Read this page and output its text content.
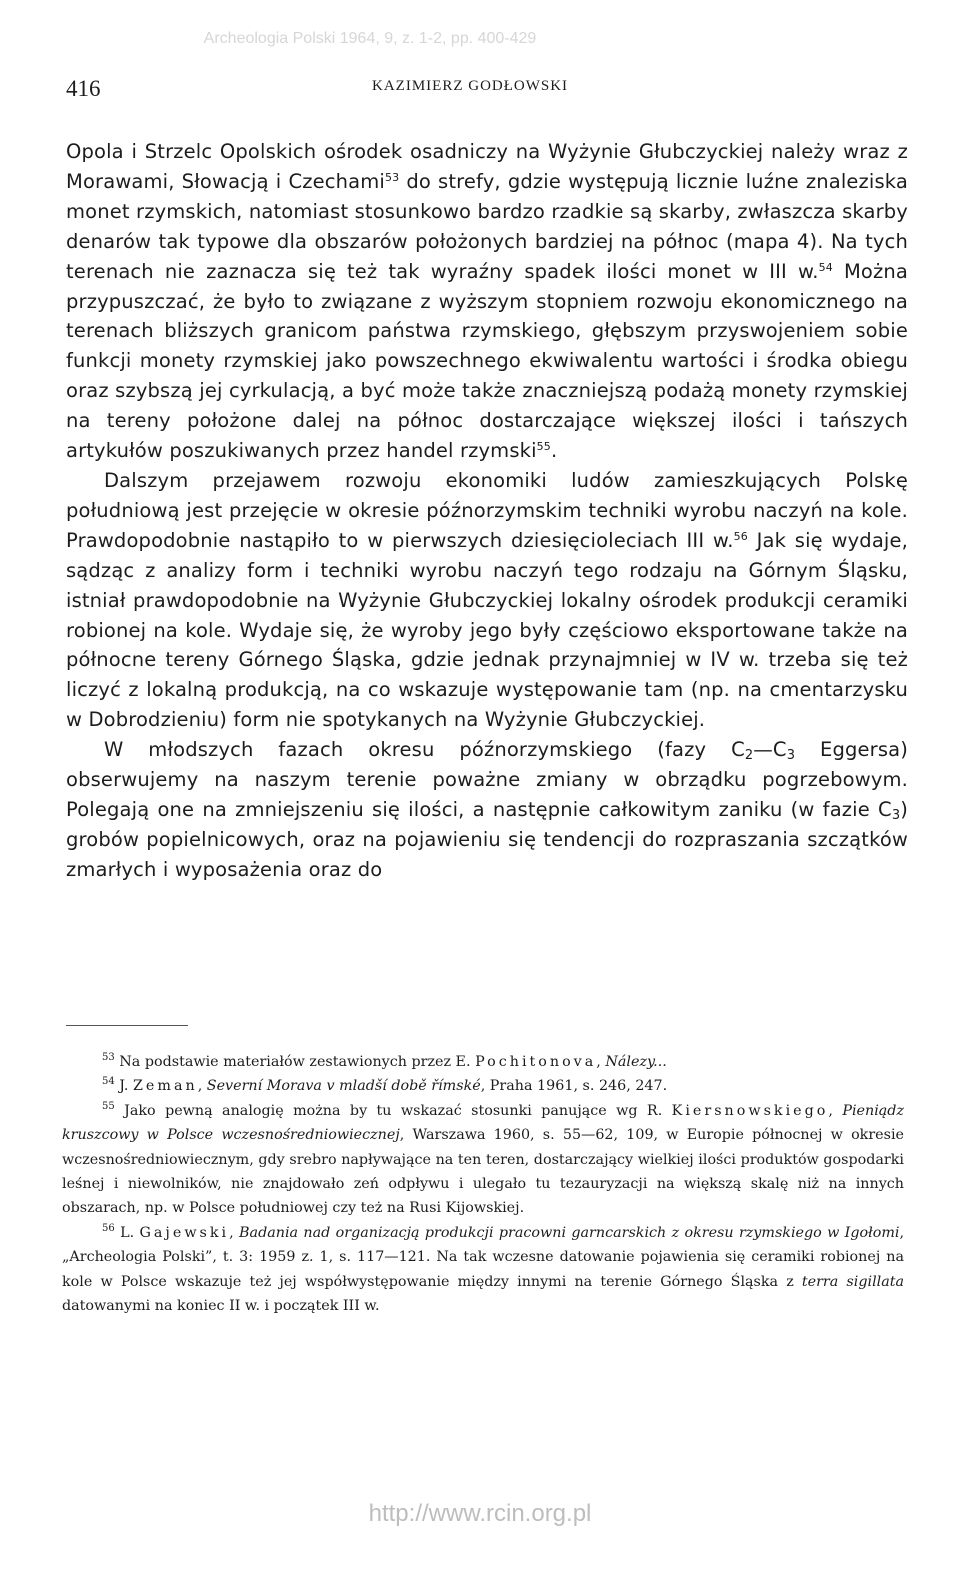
Archeologia Polski 1964, 9, z. 1-2, pp. 400-429
416	KAZIMIERZ GODŁOWSKI

Opola i Strzelc Opolskich ośrodek osadniczy na Wyżynie Głubczyckiej należy wraz z Morawami, Słowacją i Czechami$^{53}$ do strefy, gdzie występują licznie luźne znaleziska monet rzymskich, natomiast stosunkowo bardzo rzadkie są skarby, zwłaszcza skarby denarów tak typowe dla obszarów położonych bardziej na północ (mapa 4). Na tych terenach nie zaznacza się też tak wyraźny spadek ilości monet w III w.$^{54}$ Można przypuszczać, że było to związane z wyższym stopniem rozwoju ekonomicznego na terenach bliższych granicom państwa rzymskiego, głębszym przyswojeniem sobie funkcji monety rzymskiej jako powszechnego ekwiwalentu wartości i środka obiegu oraz szybszą jej cyrkulacją, a być może także znaczniejszą podażą monety rzymskiej na tereny położone dalej na północ dostarczające większej ilości i tańszych artykułów poszukiwanych przez handel rzymski$^{55}$.

Dalszym przejawem rozwoju ekonomiki ludów zamieszkujących Polskę południową jest przejęcie w okresie późnorzymskim techniki wyrobu naczyń na kole. Prawdopodobnie nastąpiło to w pierwszych dziesięcioleciach III w.$^{56}$ Jak się wydaje, sądząc z analizy form i techniki wyrobu naczyń tego rodzaju na Górnym Śląsku, istniał prawdopodobnie na Wyżynie Głubczyckiej lokalny ośrodek produkcji ceramiki robionej na kole. Wydaje się, że wyroby jego były częściowo eksportowane także na północne tereny Górnego Śląska, gdzie jednak przynajmniej w IV w. trzeba się też liczyć z lokalną produkcją, na co wskazuje występowanie tam (np. na cmentarzysku w Dobrodzieniu) form nie spotykanych na Wyżynie Głubczyckiej.

W młodszych fazach okresu późnorzymskiego (fazy $C_2—C_3$ Eggersa) obserwujemy na naszym terenie poważne zmiany w obrządku pogrzebowym. Polegają one na zmniejszeniu się ilości, a następnie całkowitym zaniku (w fazie $C_3$) grobów popielnicowych, oraz na pojawieniu się tendencji do rozpraszania szczątków zmarłych i wyposażenia oraz do

$^{53}$ Na podstawie materiałów zestawionych przez E. Pochitonova, Nálezy...

$^{54}$ J. Zeman, Severní Morava v mladší době římské, Praha 1961, s. 246, 247.

$^{55}$ Jako pewną analogię można by tu wskazać stosunki panujące wg R. Kiersnowskiego, Pieniądz kruszcowy w Polsce wczesnośredniowiecznej, Warszawa 1960, s. 55—62, 109, w Europie północnej w okresie wczesnośredniowiecznym, gdy srebro napływające na ten teren, dostarczający wielkiej ilości produktów gospodarki leśnej i niewolników, nie znajdowało zeń odpływu i ulegało tu tezauryzacji na większą skalę niż na innych obszarach, np. w Polsce południowej czy też na Rusi Kijowskiej.

$^{56}$ L. Gajewski, Badania nad organizacją produkcji pracowni garncarskich z okresu rzymskiego w Igołomi, „Archeologia Polski”, t. 3: 1959 z. 1, s. 117—121. Na tak wczesne datowanie pojawienia się ceramiki robionej na kole w Polsce wskazuje też jej współwystępowanie między innymi na terenie Górnego Śląska z terra sigillata datowanymi na koniec II w. i początek III w.

http://www.rcin.org.pl
